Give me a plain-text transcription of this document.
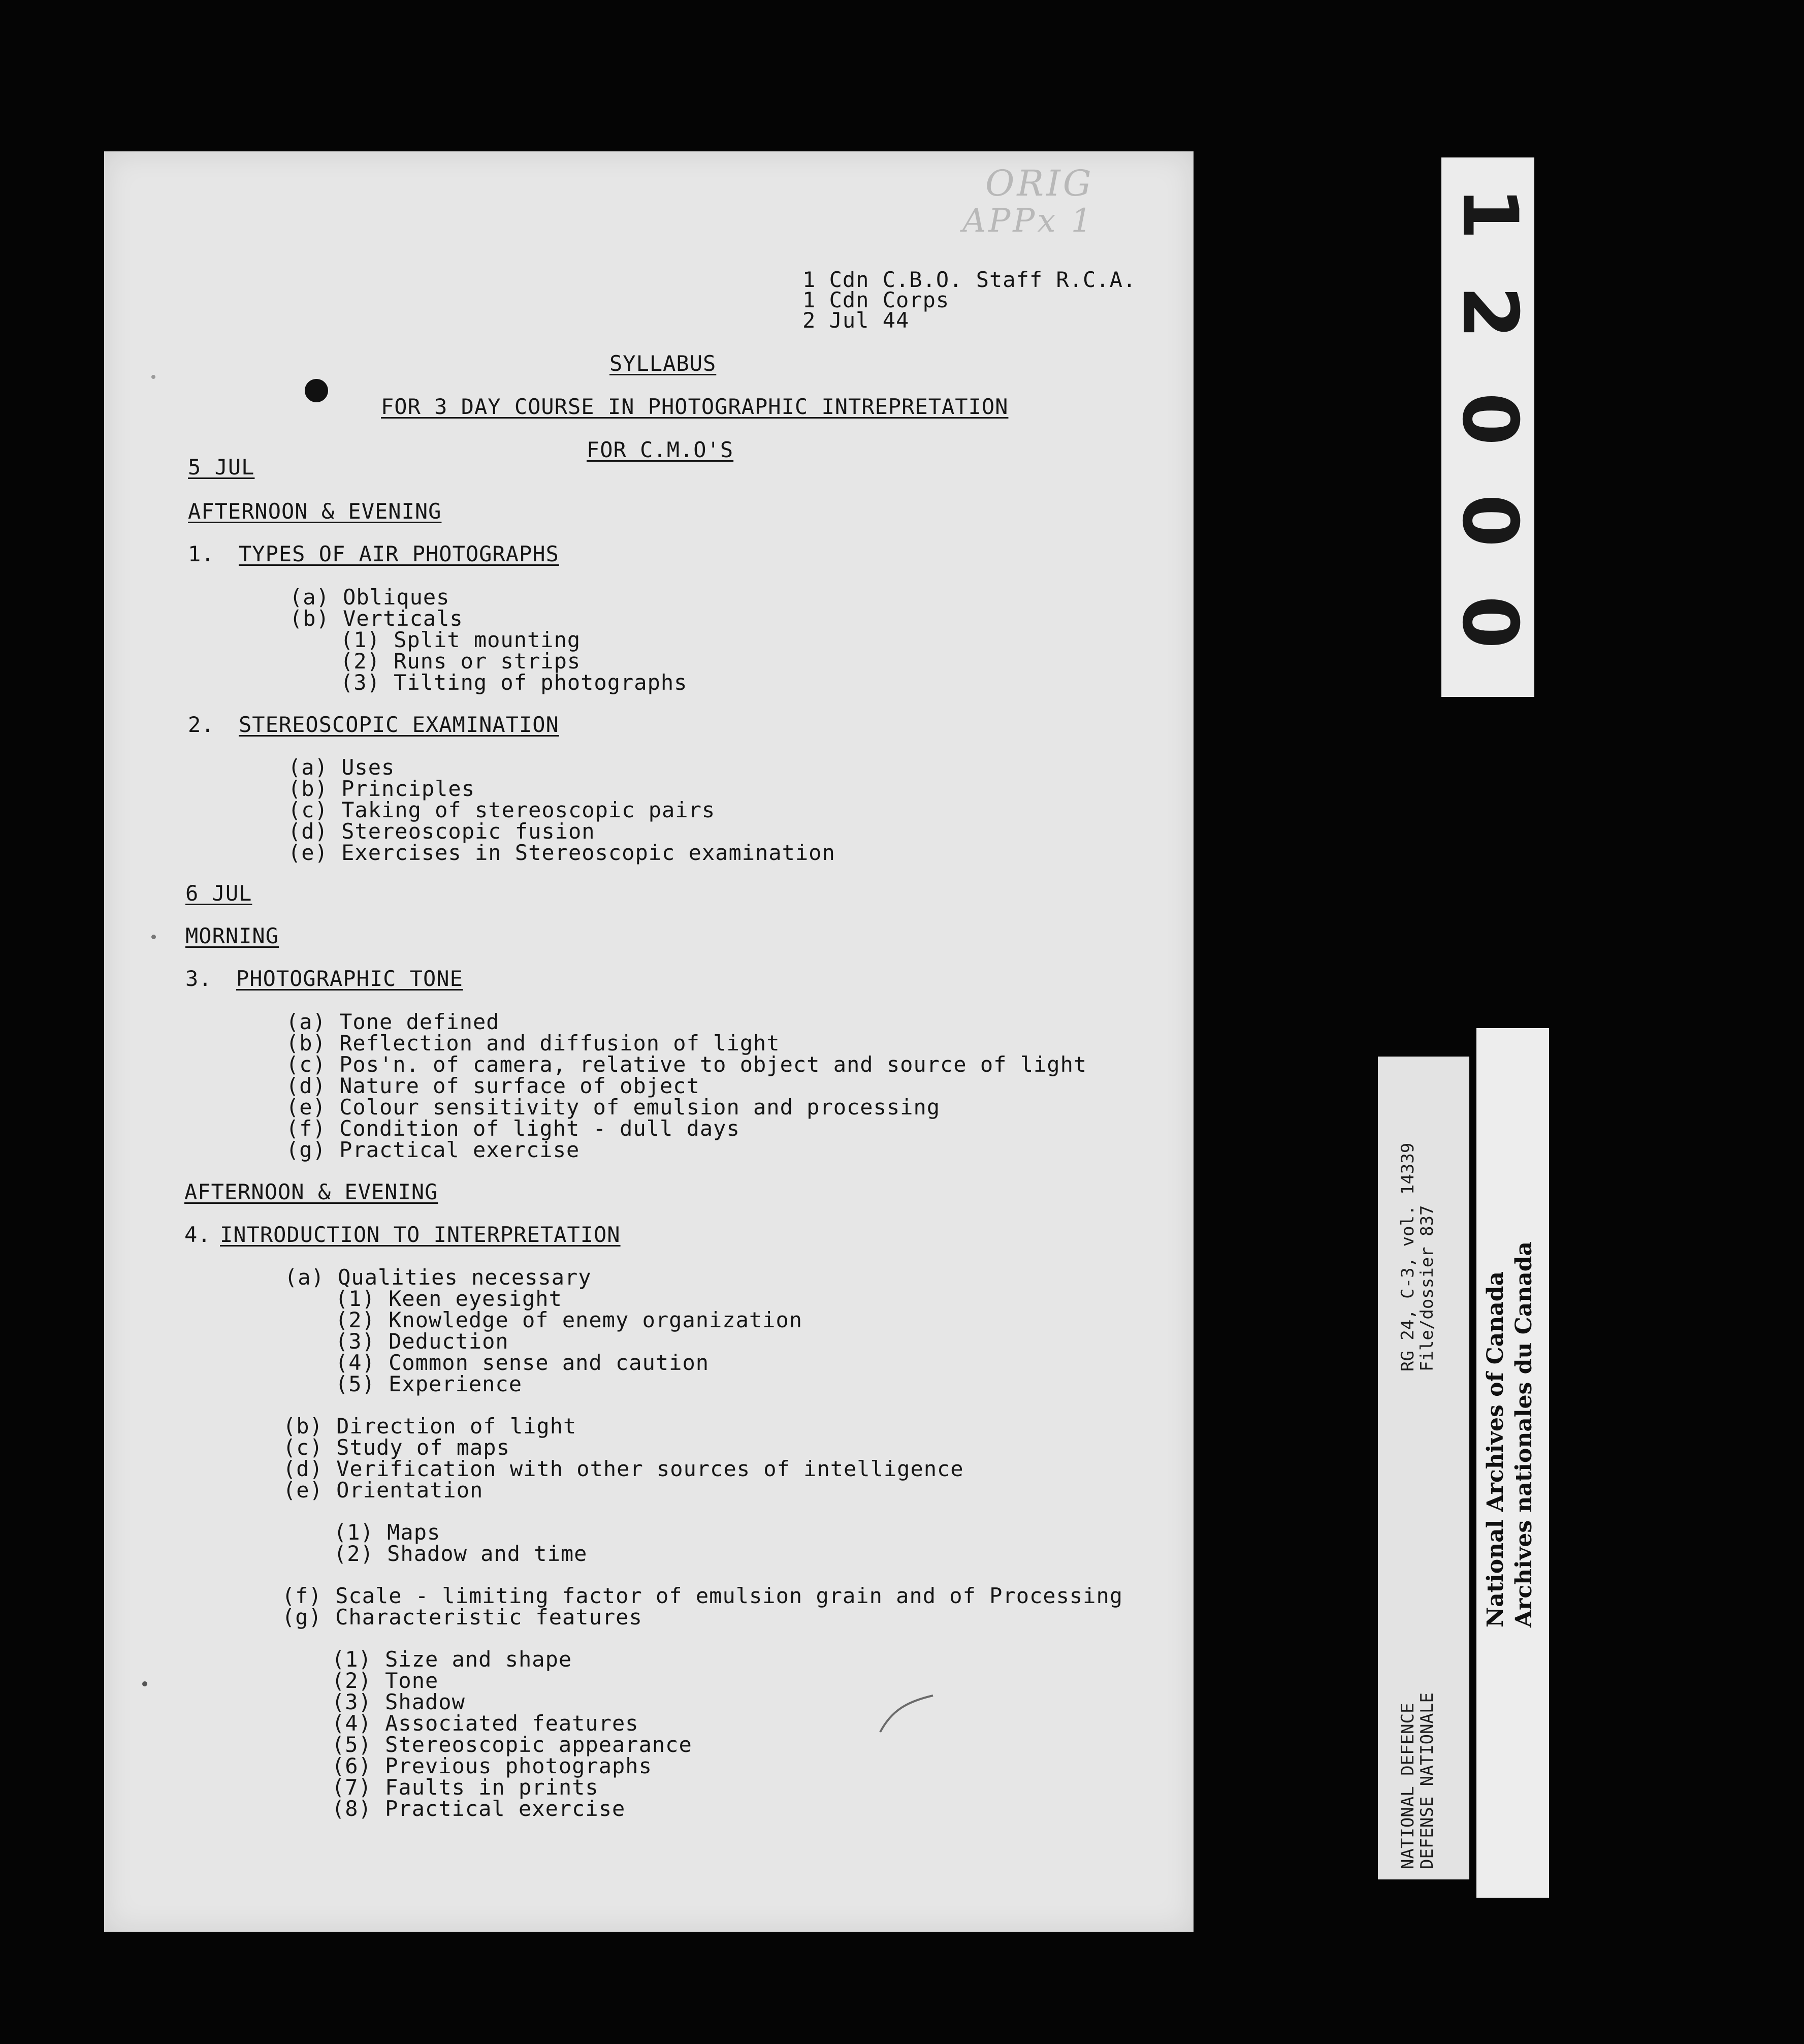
ORIG

APPx 1

1 Cdn C.B.O. Staff R.C.A.

1 Cdn Corps

2 Jul 44

SYLLABUS

FOR 3 DAY COURSE IN PHOTOGRAPHIC INTREPRETATION

FOR C.M.O'S

5 JUL

AFTERNOON & EVENING

1. TYPES OF AIR PHOTOGRAPHS

(a) Obliques

(b) Verticals

(1) Split mounting

(2) Runs or strips

(3) Tilting of photographs

2. STEREOSCOPIC EXAMINATION

(a) Uses

(b) Principles

(c) Taking of stereoscopic pairs

(d) Stereoscopic fusion

(e) Exercises in Stereoscopic examination

6 JUL

MORNING

3. PHOTOGRAPHIC TONE

(a) Tone defined

(b) Reflection and diffusion of light

(c) Pos'n. of camera, relative to object and source of light

(d) Nature of surface of object

(e) Colour sensitivity of emulsion and processing

(f) Condition of light - dull days

(g) Practical exercise

AFTERNOON & EVENING

4. INTRODUCTION TO INTERPRETATION

(a) Qualities necessary

(1) Keen eyesight

(2) Knowledge of enemy organization

(3) Deduction

(4) Common sense and caution

(5) Experience

(b) Direction of light

(c) Study of maps

(d) Verification with other sources of intelligence

(e) Orientation

(1) Maps

(2) Shadow and time

(f) Scale - limiting factor of emulsion grain and of Processing

(g) Characteristic features

(1) Size and shape

(2) Tone

(3) Shadow

(4) Associated features

(5) Stereoscopic appearance

(6) Previous photographs

(7) Faults in prints

(8) Practical exercise

1

2

0

0

0

RG 24, C-3, vol. 14339

File/dossier 837

NATIONAL DEFENCE

DEFENSE NATIONALE

National Archives of Canada Archives nationales du Canada
